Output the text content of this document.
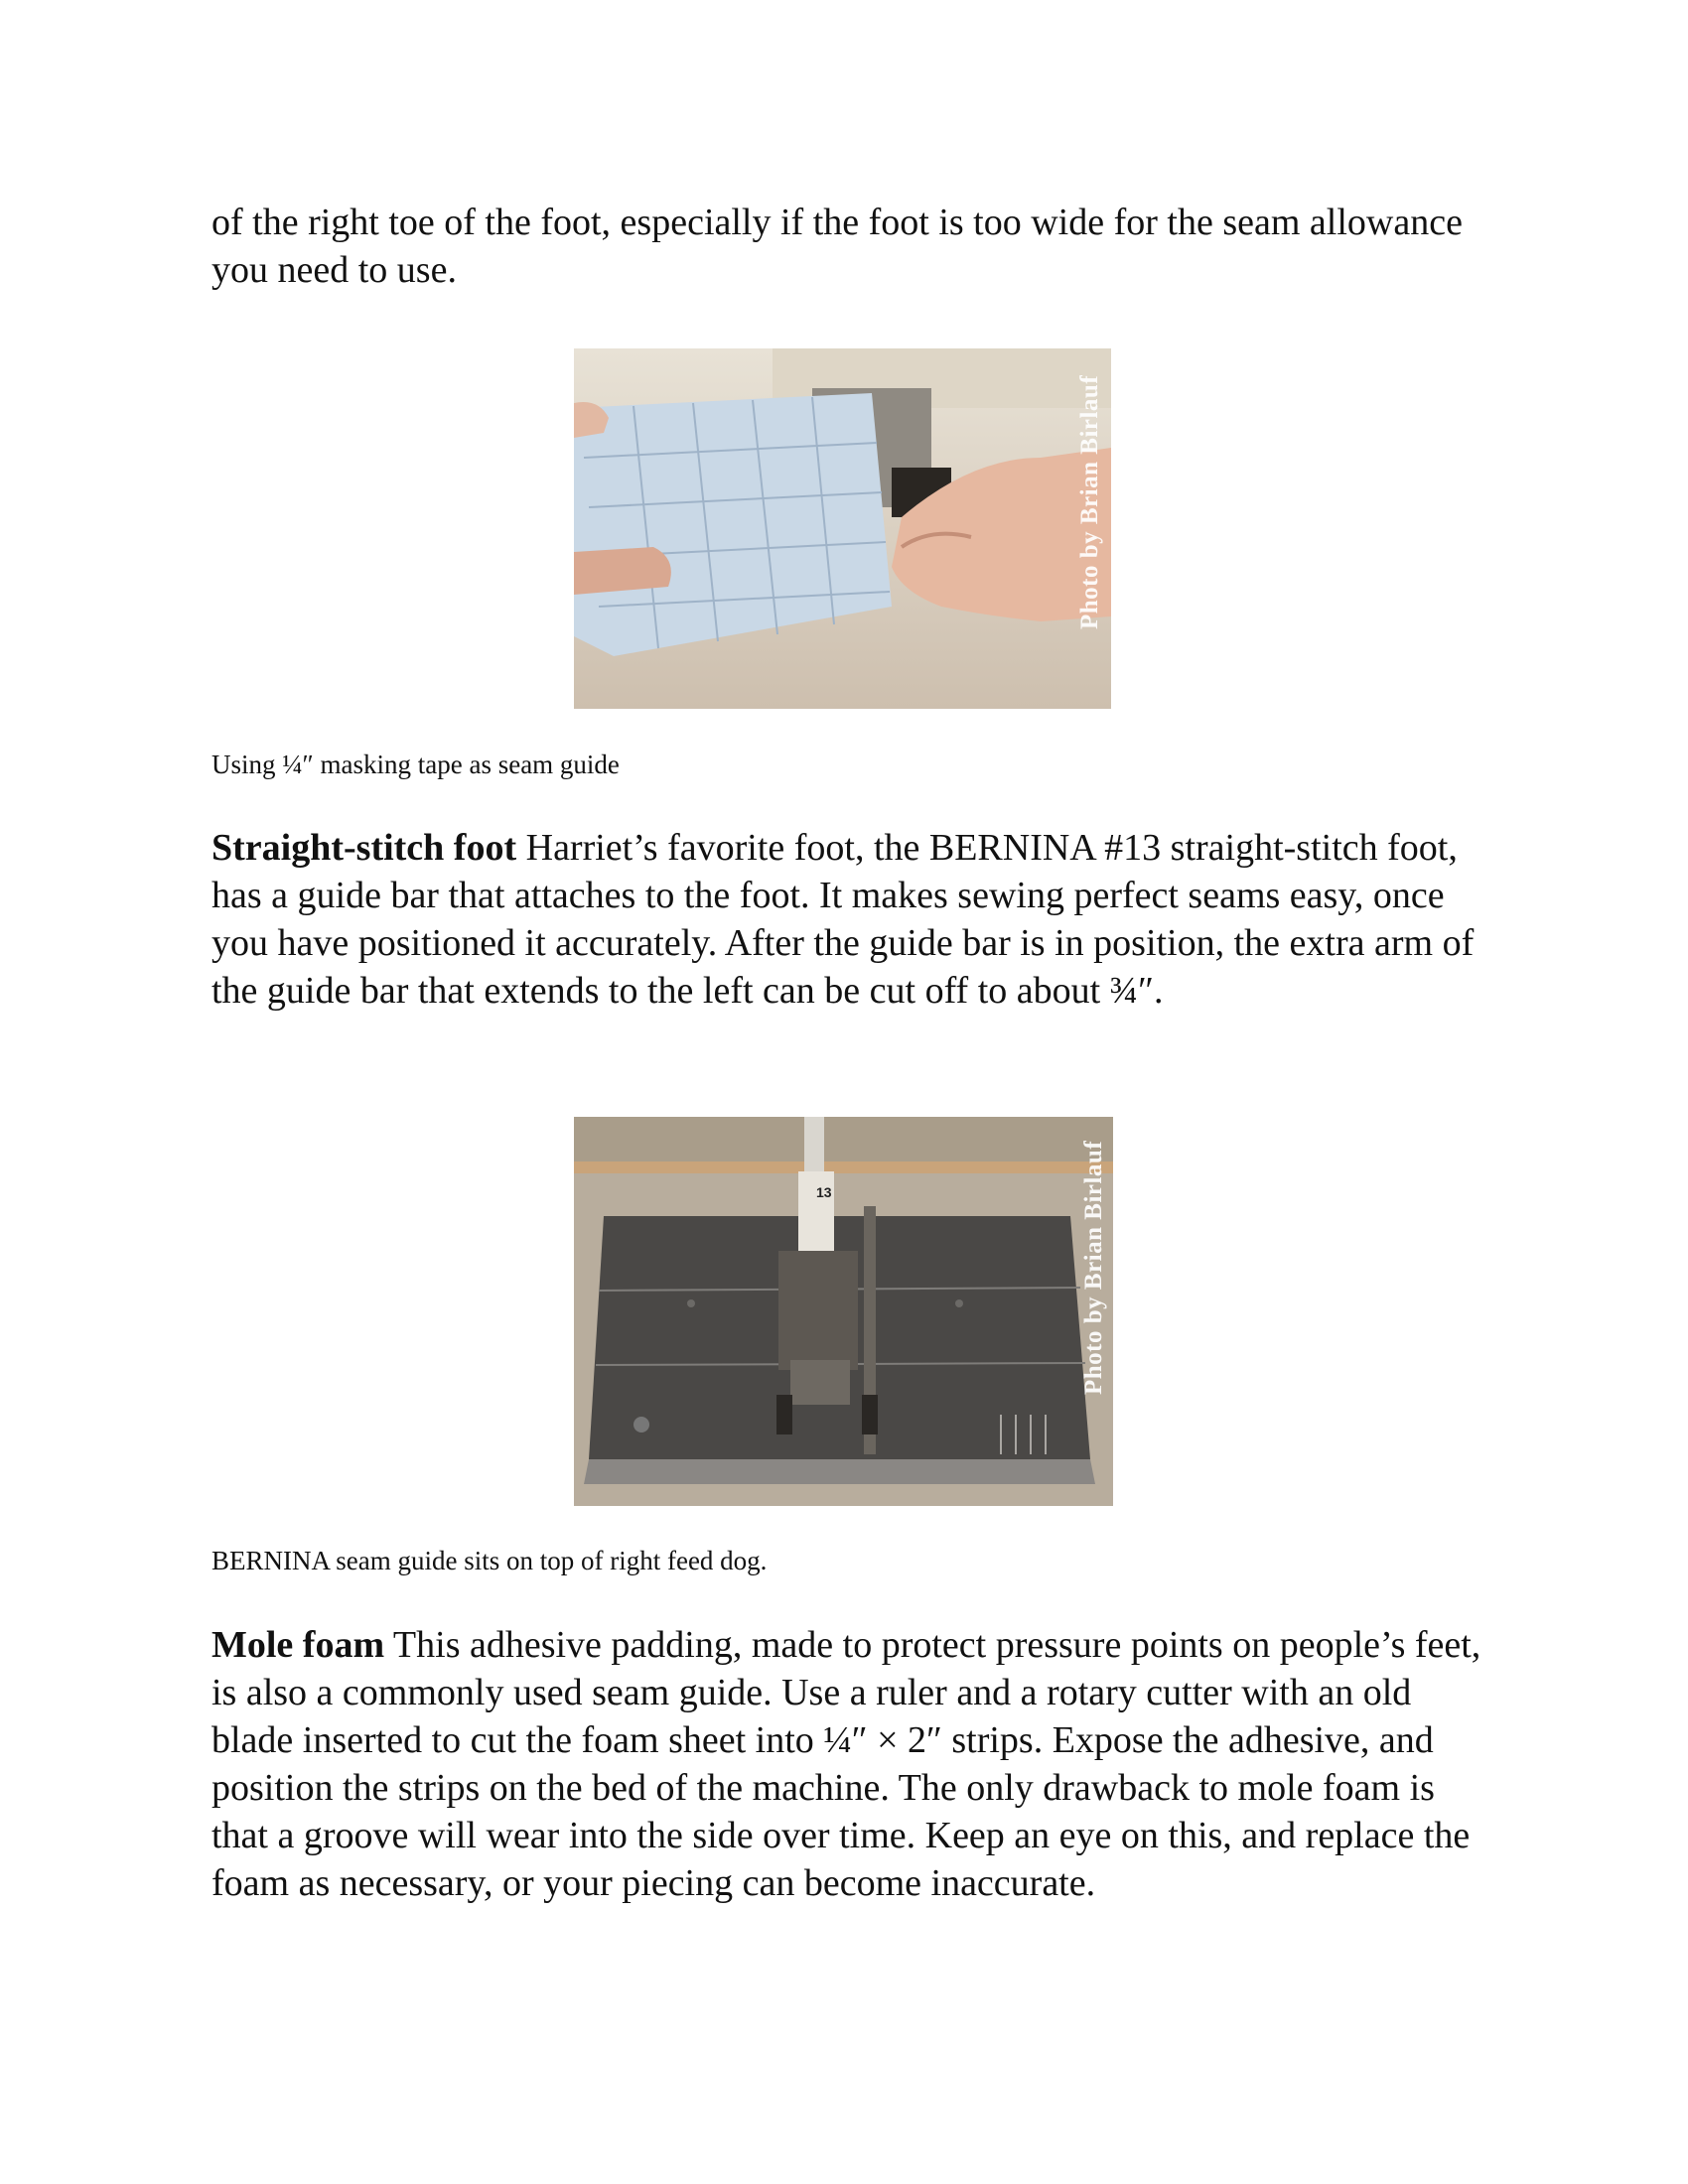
of the right toe of the foot, especially if the foot is too wide for the seam allowance you need to use.

Photo by Brian Birlauf

Using ¼″ masking tape as seam guide

Straight-stitch foot Harriet’s favorite foot, the BERNINA #13 straight-stitch foot, has a guide bar that attaches to the foot. It makes sewing perfect seams easy, once you have positioned it accurately. After the guide bar is in position, the extra arm of the guide bar that extends to the left can be cut off to about ¾″.

Photo by Brian Birlauf
13

BERNINA seam guide sits on top of right feed dog.

Mole foam This adhesive padding, made to protect pressure points on people’s feet, is also a commonly used seam guide. Use a ruler and a rotary cutter with an old blade inserted to cut the foam sheet into ¼″ × 2″ strips. Expose the adhesive, and position the strips on the bed of the machine. The only drawback to mole foam is that a groove will wear into the side over time. Keep an eye on this, and replace the foam as necessary, or your piecing can become inaccurate.
